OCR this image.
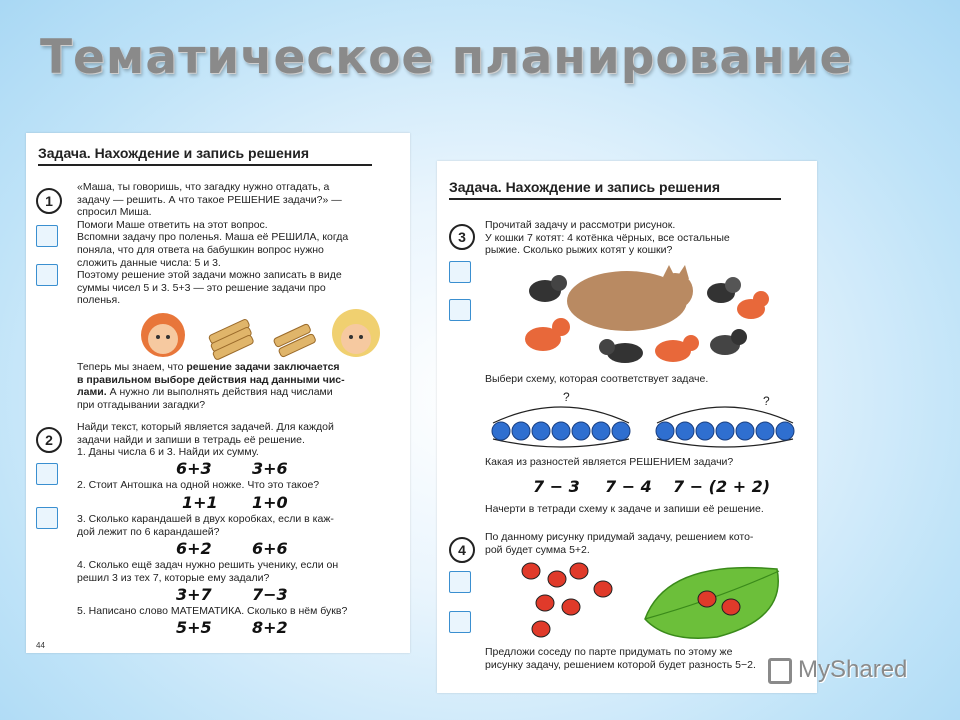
Тематическое планирование
Задача. Нахождение и запись решения
1
«Маша, ты говоришь, что загадку нужно отгадать, а
задачу — решить. А что такое РЕШЕНИЕ задачи?» —
спросил Миша.
Помоги Маше ответить на этот вопрос.
Вспомни задачу про поленья. Маша её РЕШИЛА, когда
поняла, что для ответа на бабушкин вопрос нужно
сложить данные числа: 5 и 3.
Поэтому решение этой задачи можно записать в виде
суммы чисел 5 и 3. 5+3 — это решение задачи про
поленья.
Теперь мы знаем, что решение задачи заключается
в правильном выборе действия над данными чис-
лами. А нужно ли выполнять действия над числами
при отгадывании загадки?
2
Найди текст, который является задачей. Для каждой
задачи найди и запиши в тетрадь её решение.
1. Даны числа 6 и 3. Найди их сумму.
6+3	3+6
2. Стоит Антошка на одной ножке. Что это такое?
1+1 1+0
3. Сколько карандашей в двух коробках, если в каж-
дой лежит по 6 карандашей?
6+2	6+6
4. Сколько ещё задач нужно решить ученику, если он
решил 3 из тех 7, которые ему задали?
3+7	7−3
5. Написано слово МАТЕМАТИКА. Сколько в нём букв?
5+5	8+2
44
Задача. Нахождение и запись решения
3
Прочитай задачу и рассмотри рисунок.
У кошки 7 котят: 4 котёнка чёрных, все остальные
рыжие. Сколько рыжих котят у кошки?
Выбери схему, которая соответствует задаче.
?	?
Какая из разностей является РЕШЕНИЕМ задачи?
7 − 3 7 − 4 7 − (2 + 2)
Начерти в тетради схему к задаче и запиши её решение.
4
По данному рисунку придумай задачу, решением кото-
рой будет сумма 5+2.
Предложи соседу по парте придумать по этому же
рисунку задачу, решением которой будет разность 5−2.	MyShared
